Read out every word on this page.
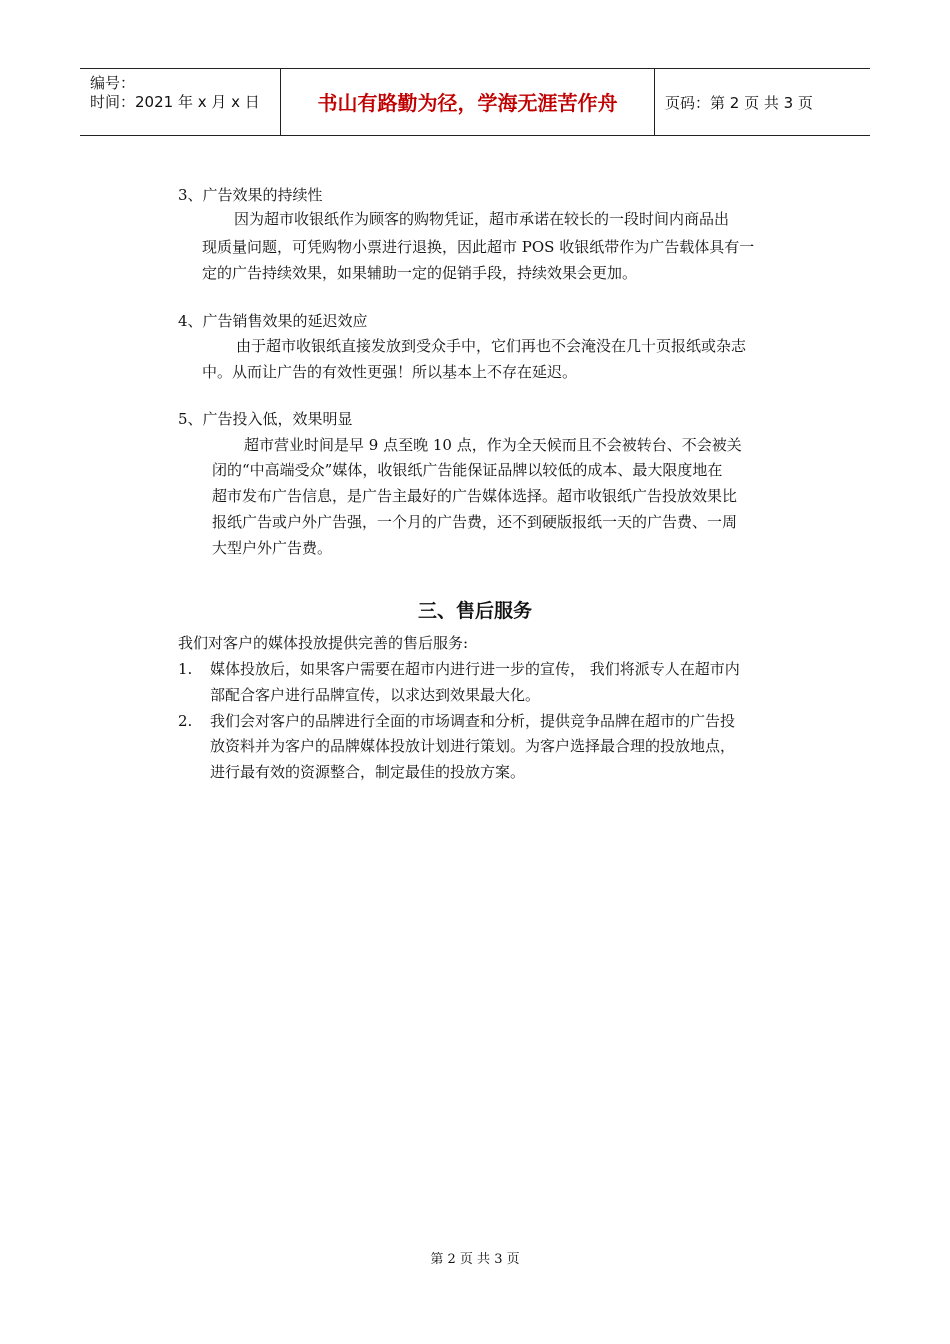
编号：
时间：2021 年 x 月 x 日	书山有路勤为径，学海无涯苦作舟	页码：第 2 页 共 3 页
3、广告效果的持续性
因为超市收银纸作为顾客的购物凭证，超市承诺在较长的一段时间内商品出
现质量问题，可凭购物小票进行退换，因此超市 POS 收银纸带作为广告载体具有一
定的广告持续效果，如果辅助一定的促销手段，持续效果会更加。
4、广告销售效果的延迟效应
由于超市收银纸直接发放到受众手中，它们再也不会淹没在几十页报纸或杂志
中。从而让广告的有效性更强！所以基本上不存在延迟。
5、广告投入低，效果明显
超市营业时间是早 9 点至晚 10 点，作为全天候而且不会被转台、不会被关
闭的“中高端受众”媒体，收银纸广告能保证品牌以较低的成本、最大限度地在
超市发布广告信息，是广告主最好的广告媒体选择。超市收银纸广告投放效果比
报纸广告或户外广告强，一个月的广告费，还不到硬版报纸一天的广告费、一周
大型户外广告费。
三、售后服务
我们对客户的媒体投放提供完善的售后服务:
1. 媒体投放后，如果客户需要在超市内进行进一步的宣传， 我们将派专人在超市内
部配合客户进行品牌宣传，以求达到效果最大化。
2. 我们会对客户的品牌进行全面的市场调查和分析，提供竞争品牌在超市的广告投
放资料并为客户的品牌媒体投放计划进行策划。为客户选择最合理的投放地点，
进行最有效的资源整合，制定最佳的投放方案。
第 2 页 共 3 页
